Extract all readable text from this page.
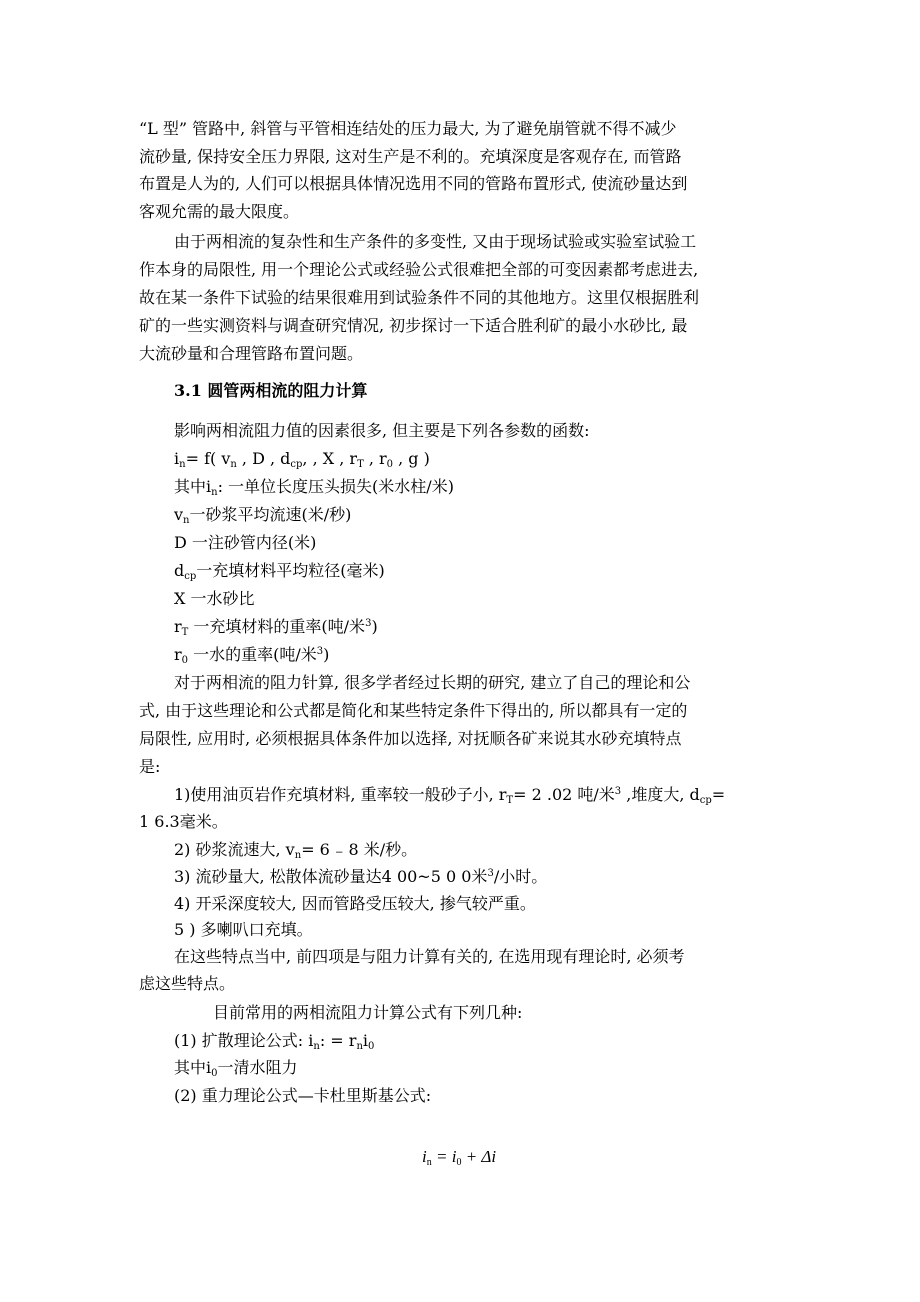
“L 型” 管路中, 斜管与平管相连结处的压力最大, 为了避免崩管就不得不减少
流砂量, 保持安全压力界限, 这对生产是不利的。充填深度是客观存在, 而管路
布置是人为的, 人们可以根据具体情况选用不同的管路布置形式, 使流砂量达到
客观允需的最大限度。
由于两相流的复杂性和生产条件的多变性, 又由于现场试验或实验室试验工
作本身的局限性, 用一个理论公式或经验公式很难把全部的可变因素都考虑进去,
故在某一条件下试验的结果很难用到试验条件不同的其他地方。这里仅根据胜利
矿的一些实测资料与调查研究情况, 初步探讨一下适合胜利矿的最小水砂比, 最
大流砂量和合理管路布置问题。
3.1 圆管两相流的阻力计算
影响两相流阻力值的因素很多, 但主要是下列各参数的函数:
$i_n= f$( $v_n$ , D , $d_{cp}$, , X , $r_T$ , $r_0$ , g )
其中$i_n$: 一单位长度压头损失(米水柱/米)
$v_n$一砂浆平均流速(米/秒)
D 一注砂管内径(米)
$d_{cp}$一充填材料平均粒径(毫米)
X 一水砂比
$r_T$ 一充填材料的重率(吨/米$^3$)
$r_0$ 一水的重率(吨/米$^3$)
对于两相流的阻力针算, 很多学者经过长期的研究, 建立了自己的理论和公
式, 由于这些理论和公式都是简化和某些特定条件下得出的, 所以都具有一定的
局限性, 应用时, 必须根据具体条件加以选择, 对抚顺各矿来说其水砂充填特点
是:
1)使用油页岩作充填材料, 重率较一般砂子小, $r_T= 2$ .02 吨/米$^3$ ,堆度大, $d_{cp}=$
1 6.3毫米。
2) 砂浆流速大, $v_n= 6$ ₋ 8 米/秒。
3) 流砂量大, 松散体流砂量达4 00~5 0 0米$^3$/小时。
4) 开采深度较大, 因而管路受压较大, 掺气较严重。
5 ) 多喇叭口充填。
在这些特点当中, 前四项是与阻力计算有关的, 在选用现有理论时, 必须考
虑这些特点。
目前常用的两相流阻力计算公式有下列几种:
(1) 扩散理论公式: $i_n$: = $r_ni_0$
其中$i_0$一清水阻力
(2) 重力理论公式—卡杜里斯基公式:
$i_n = i_0 + \Delta i$
